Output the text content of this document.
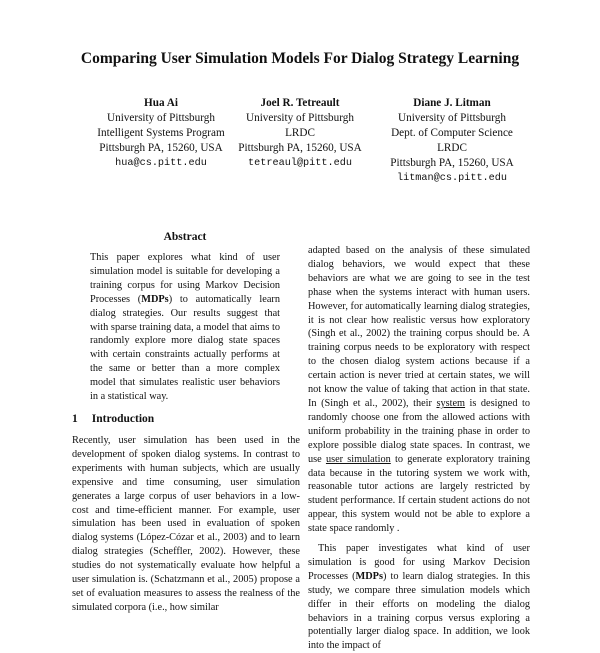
Comparing User Simulation Models For Dialog Strategy Learning
Hua Ai
University of Pittsburgh
Intelligent Systems Program
Pittsburgh PA, 15260, USA
hua@cs.pitt.edu
Joel R. Tetreault
University of Pittsburgh
LRDC
Pittsburgh PA, 15260, USA
tetreaul@pitt.edu
Diane J. Litman
University of Pittsburgh
Dept. of Computer Science
LRDC
Pittsburgh PA, 15260, USA
litman@cs.pitt.edu
Abstract
This paper explores what kind of user simulation model is suitable for developing a training corpus for using Markov Decision Processes (MDPs) to automatically learn dialog strategies. Our results suggest that with sparse training data, a model that aims to randomly explore more dialog state spaces with certain constraints actually performs at the same or better than a more complex model that simulates realistic user behaviors in a statistical way.
1 Introduction
Recently, user simulation has been used in the development of spoken dialog systems. In contrast to experiments with human subjects, which are usually expensive and time consuming, user simulation generates a large corpus of user behaviors in a low-cost and time-efficient manner. For example, user simulation has been used in evaluation of spoken dialog systems (López-Cózar et al., 2003) and to learn dialog strategies (Scheffler, 2002). However, these studies do not systematically evaluate how helpful a user simulation is. (Schatzmann et al., 2005) propose a set of evaluation measures to assess the realness of the simulated corpora (i.e., how similar

adapted based on the analysis of these simulated dialog behaviors, we would expect that these behaviors are what we are going to see in the test phase when the systems interact with human users. However, for automatically learning dialog strategies, it is not clear how realistic versus how exploratory (Singh et al., 2002) the training corpus should be. A training corpus needs to be exploratory with respect to the chosen dialog system actions because if a certain action is never tried at certain states, we will not know the value of taking that action in that state. In (Singh et al., 2002), their system is designed to randomly choose one from the allowed actions with uniform probability in the training phase in order to explore possible dialog state spaces. In contrast, we use user simulation to generate exploratory training data because in the tutoring system we work with, reasonable tutor actions are largely restricted by student performance. If certain student actions do not appear, this system would not be able to explore a state space randomly .

This paper investigates what kind of user simulation is good for using Markov Decision Processes (MDPs) to learn dialog strategies. In this study, we compare three simulation models which differ in their efforts on modeling the dialog behaviors in a training corpus versus exploring a potentially larger dialog space. In addition, we look into the impact of
